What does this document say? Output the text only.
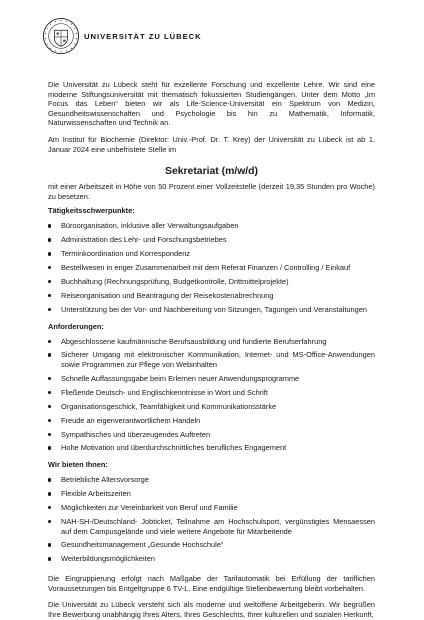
UNIVERSITÄT ZU LÜBECK

Die Universität zu Lübeck steht für exzellente Forschung und exzellente Lehre. Wir sind eine moderne Stiftungsuniversität mit thematisch fokussierten Studiengängen. Unter dem Motto „Im Focus das Leben“ bieten wir als Life-Science-Universität ein Spektrum von Medizin, Gesundheitswissenschaften und Psychologie bis hin zu Mathematik, Informatik, Naturwissenschaften und Technik an.

Am Institut für Biochemie (Direktor: Univ.-Prof. Dr. T. Krey) der Universität zu Lübeck ist ab 1. Januar 2024 eine unbefristete Stelle im

Sekretariat (m/w/d)

mit einer Arbeitszeit in Höhe von 50 Prozent einer Vollzeitstelle (derzeit 19,35 Stunden pro Woche) zu besetzen.

Tätigkeitsschwerpunkte:
Büroorganisation, inklusive aller Verwaltungsaufgaben
Administration des Lehr- und Forschungsbetriebes
Terminkoordination und Korrespondenz
Bestellwesen in enger Zusammenarbeit mit dem Referat Finanzen / Controlling / Einkauf
Buchhaltung (Rechnungsprüfung, Budgetkontrolle, Drittmittelprojekte)
Reiseorganisation und Beantragung der Reisekostenabrechnung
Unterstützung bei der Vor- und Nachbereitung von Sitzungen, Tagungen und Veranstaltungen
Anforderungen:
Abgeschlossene kaufmännische Berufsausbildung und fundierte Berufserfahrung
Sicherer Umgang mit elektronischer Kommunikation, Internet- und MS-Office-Anwendungen sowie Programmen zur Pflege von Webinhalten
Schnelle Auffassungsgabe beim Erlernen neuer Anwendungsprogramme
Fließende Deutsch- und Englischkenntnisse in Wort und Schrift
Organisationsgeschick, Teamfähigkeit und Kommunikationsstärke
Freude an eigenverantwortlichem Handeln
Sympathisches und überzeugendes Auftreten
Hohe Motivation und überdurchschnittliches berufliches Engagement
Wir bieten Ihnen:
Betriebliche Altersvorsorge
Flexible Arbeitszeiten
Möglichkeiten zur Vereinbarkeit von Beruf und Familie
NAH-SH-/Deutschland- Jobticket, Teilnahme am Hochschulsport, vergünstigtes Mensaessen auf dem Campusgelände und viele weitere Angebote für Mitarbeitende
Gesundheitsmanagement „Gesunde Hochschule“
Weiterbildungsmöglichkeiten

Die Eingruppierung erfolgt nach Maßgabe der Tarifautomatik bei Erfüllung der tariflichen Voraussetzungen bis Entgeltgruppe 6 TV-L. Eine endgültige Stellenbewertung bleibt vorbehalten.

Die Universität zu Lübeck versteht sich als moderne und weltoffene Arbeitgeberin. Wir begrüßen Ihre Bewerbung unabhängig Ihres Alters, Ihres Geschlechts, Ihrer kulturellen und sozialen Herkunft,
